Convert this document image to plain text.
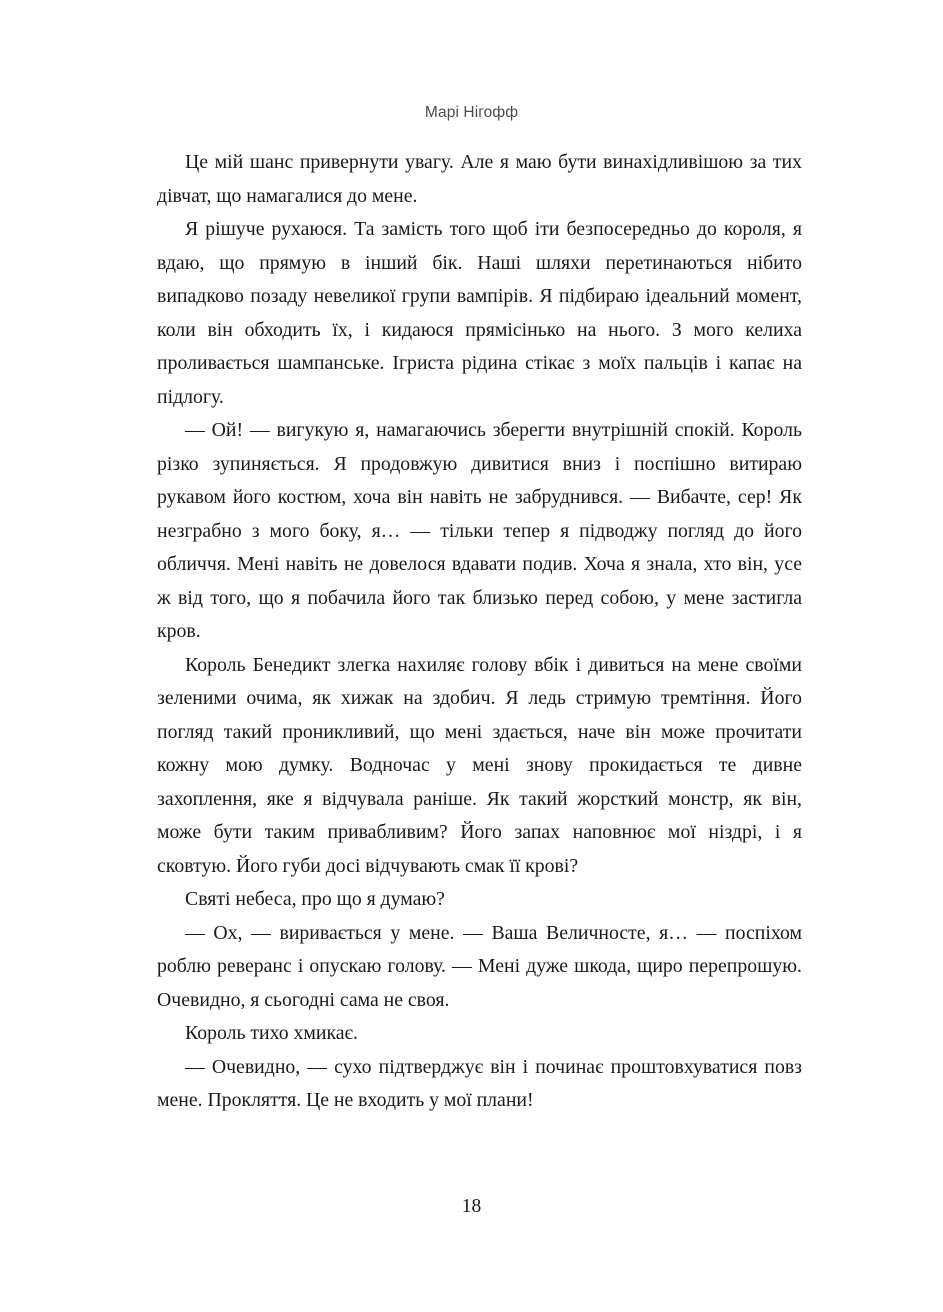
Марі Нігофф

Це мій шанс привернути увагу. Але я маю бути винахідливішою за тих дівчат, що намагалися до мене.

Я рішуче рухаюся. Та замість того щоб іти безпосередньо до короля, я вдаю, що прямую в інший бік. Наші шляхи перетинаються нібито випадково позаду невеликої групи вампірів. Я підбираю ідеальний момент, коли він обходить їх, і кидаюся прямісінько на нього. З мого келиха проливається шампанське. Ігриста рідина стікає з моїх пальців і капає на підлогу.

— Ой! — вигукую я, намагаючись зберегти внутрішній спокій. Король різко зупиняється. Я продовжую дивитися вниз і поспішно витираю рукавом його костюм, хоча він навіть не забруднився. — Вибачте, сер! Як незграбно з мого боку, я… — тільки тепер я підводжу погляд до його обличчя. Мені навіть не довелося вдавати подив. Хоча я знала, хто він, усе ж від того, що я побачила його так близько перед собою, у мене застигла кров.

Король Бенедикт злегка нахиляє голову вбік і дивиться на мене своїми зеленими очима, як хижак на здобич. Я ледь стримую тремтіння. Його погляд такий проникливий, що мені здається, наче він може прочитати кожну мою думку. Водночас у мені знову прокидається те дивне захоплення, яке я відчувала раніше. Як такий жорсткий монстр, як він, може бути таким привабливим? Його запах наповнює мої ніздрі, і я сковтую. Його губи досі відчувають смак її крові?

Святі небеса, про що я думаю?

— Ох, — виривається у мене. — Ваша Величносте, я… — поспіхом роблю реверанс і опускаю голову. — Мені дуже шкода, щиро перепрошую. Очевидно, я сьогодні сама не своя.

Король тихо хмикає.

— Очевидно, — сухо підтверджує він і починає проштовхуватися повз мене. Прокляття. Це не входить у мої плани!

18
